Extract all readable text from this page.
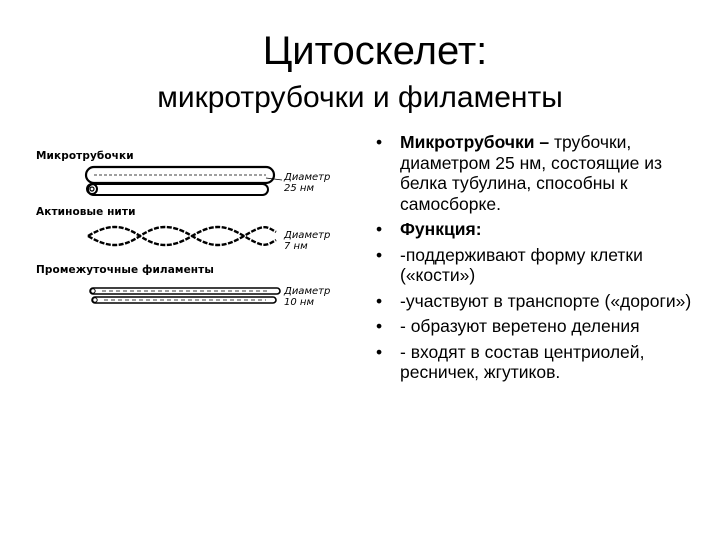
Цитоскелет:
микротрубочки и филаменты
Микротрубочки
Актиновые нити
Промежуточные филаменты
Диаметр
25 нм
Диаметр
7 нм
Диаметр
10 нм
• Микротрубочки – трубочки, диаметром 25 нм, состоящие из белка тубулина, способны к самосборке.
• Функция:
• -поддерживают форму клетки («кости»)
• -участвуют в транспорте («дороги»)
• - образуют веретено деления
• - входят в состав центриолей, ресничек, жгутиков.
